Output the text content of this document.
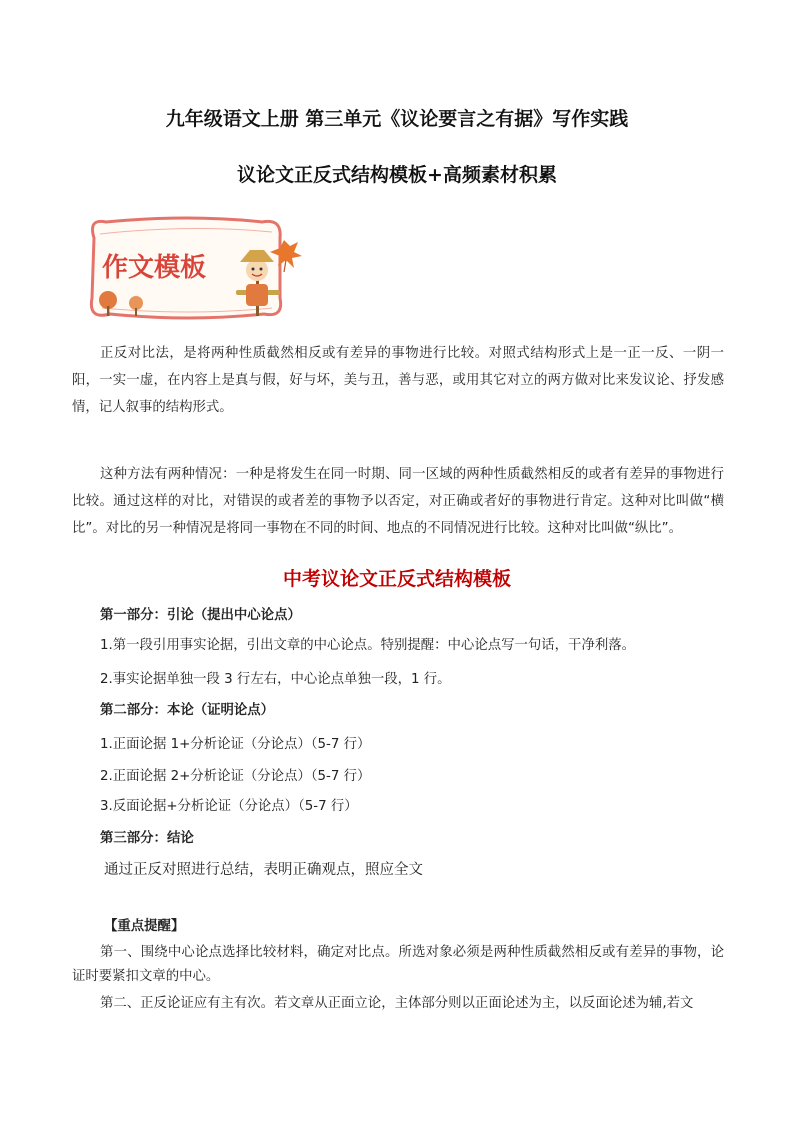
九年级语文上册 第三单元《议论要言之有据》写作实践
议论文正反式结构模板+高频素材积累
作文模板

正反对比法，是将两种性质截然相反或有差异的事物进行比较。对照式结构形式上是一正一反、一阴一阳，一实一虚，在内容上是真与假，好与坏，美与丑，善与恶，或用其它对立的两方做对比来发议论、抒发感情，记人叙事的结构形式。

这种方法有两种情况：一种是将发生在同一时期、同一区域的两种性质截然相反的或者有差异的事物进行比较。通过这样的对比，对错误的或者差的事物予以否定，对正确或者好的事物进行肯定。这种对比叫做“横比”。对比的另一种情况是将同一事物在不同的时间、地点的不同情况进行比较。这种对比叫做“纵比”。

中考议论文正反式结构模板
第一部分：引论（提出中心论点）
1.第一段引用事实论据，引出文章的中心论点。特别提醒：中心论点写一句话，干净利落。
2.事实论据单独一段 3 行左右，中心论点单独一段，1 行。
第二部分：本论（证明论点）
1.正面论据 1+分析论证（分论点）（5-7 行）
2.正面论据 2+分析论证（分论点）（5-7 行）
3.反面论据+分析论证（分论点）（5-7 行）
第三部分：结论
通过正反对照进行总结，表明正确观点，照应全文
【重点提醒】

第一、围绕中心论点选择比较材料，确定对比点。所选对象必须是两种性质截然相反或有差异的事物，论证时要紧扣文章的中心。

第二、正反论证应有主有次。若文章从正面立论，主体部分则以正面论述为主，以反面论述为辅,若文
